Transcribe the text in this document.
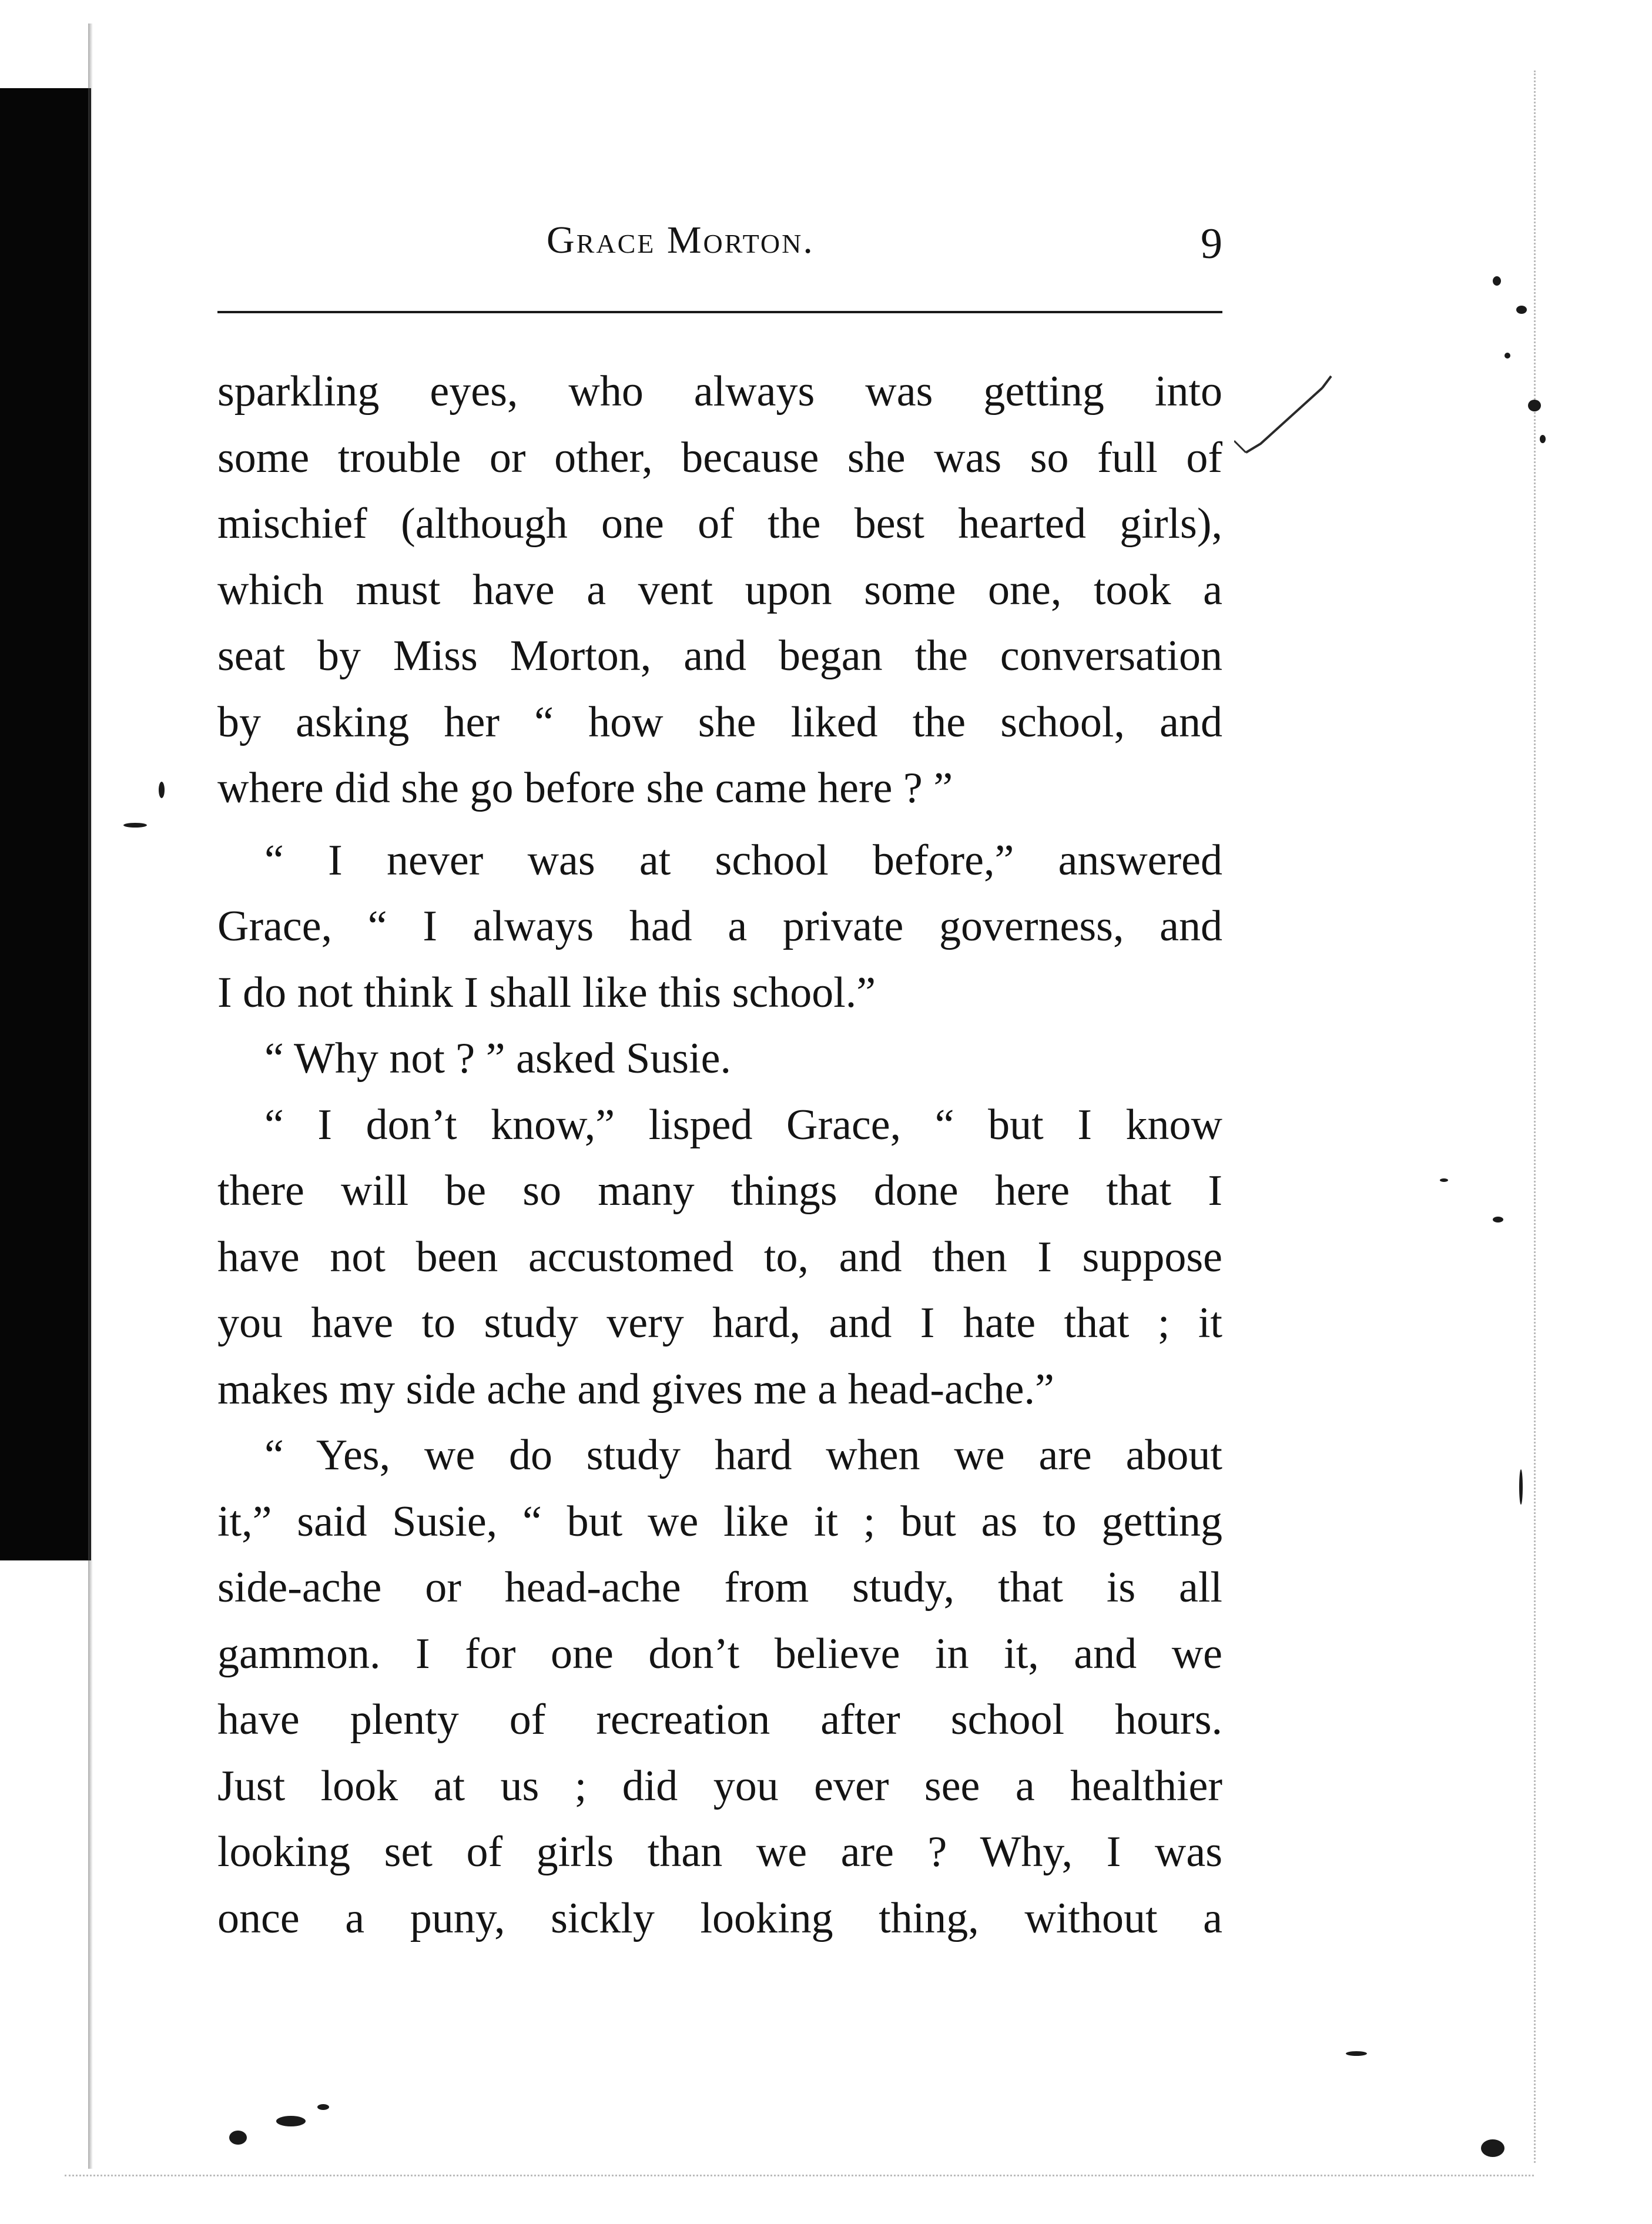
Grace Morton.	9
sparkling eyes, who always was getting into
some trouble or other, because she was so full of
mischief (although one of the best hearted girls),
which must have a vent upon some one, took a
seat by Miss Morton, and began the conversation
by asking her “ how she liked the school, and
where did she go before she came here ? ”
“ I never was at school before,” answered
Grace, “ I always had a private governess, and
I do not think I shall like this school.”
“ Why not ? ” asked Susie.
“ I don’t know,” lisped Grace, “ but I know
there will be so many things done here that I
have not been accustomed to, and then I suppose
you have to study very hard, and I hate that ; it
makes my side ache and gives me a head-ache.”
“ Yes, we do study hard when we are about
it,” said Susie, “ but we like it ; but as to getting
side-ache or head-ache from study, that is all
gammon. I for one don’t believe in it, and we
have plenty of recreation after school hours.
Just look at us ; did you ever see a healthier
looking set of girls than we are ? Why, I was
once a puny, sickly looking thing, without a
